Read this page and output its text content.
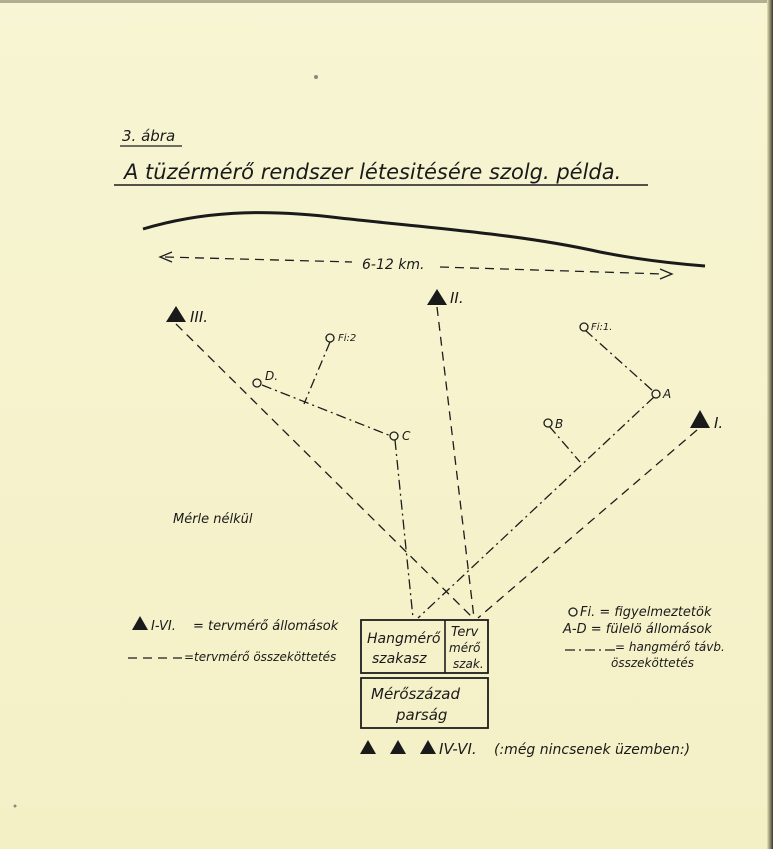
3. ábra
A tüzérmérő rendszer létesitésére szolg. példa.
6-12 km.
III.
II.
I.
Fi:2
D.
C
Fi:1.
A
B
Mérle nélkül
Hangmérő
szakasz
Terv
mérő
szak.
Mérőszázad
parság
I-VI. = tervmérő állomások
=tervmérő összeköttetés
Fi. = figyelmeztetök
A-D = fülelö állomások
= hangmérő távb.
összeköttetés
IV-VI. (:még nincsenek üzemben:)
